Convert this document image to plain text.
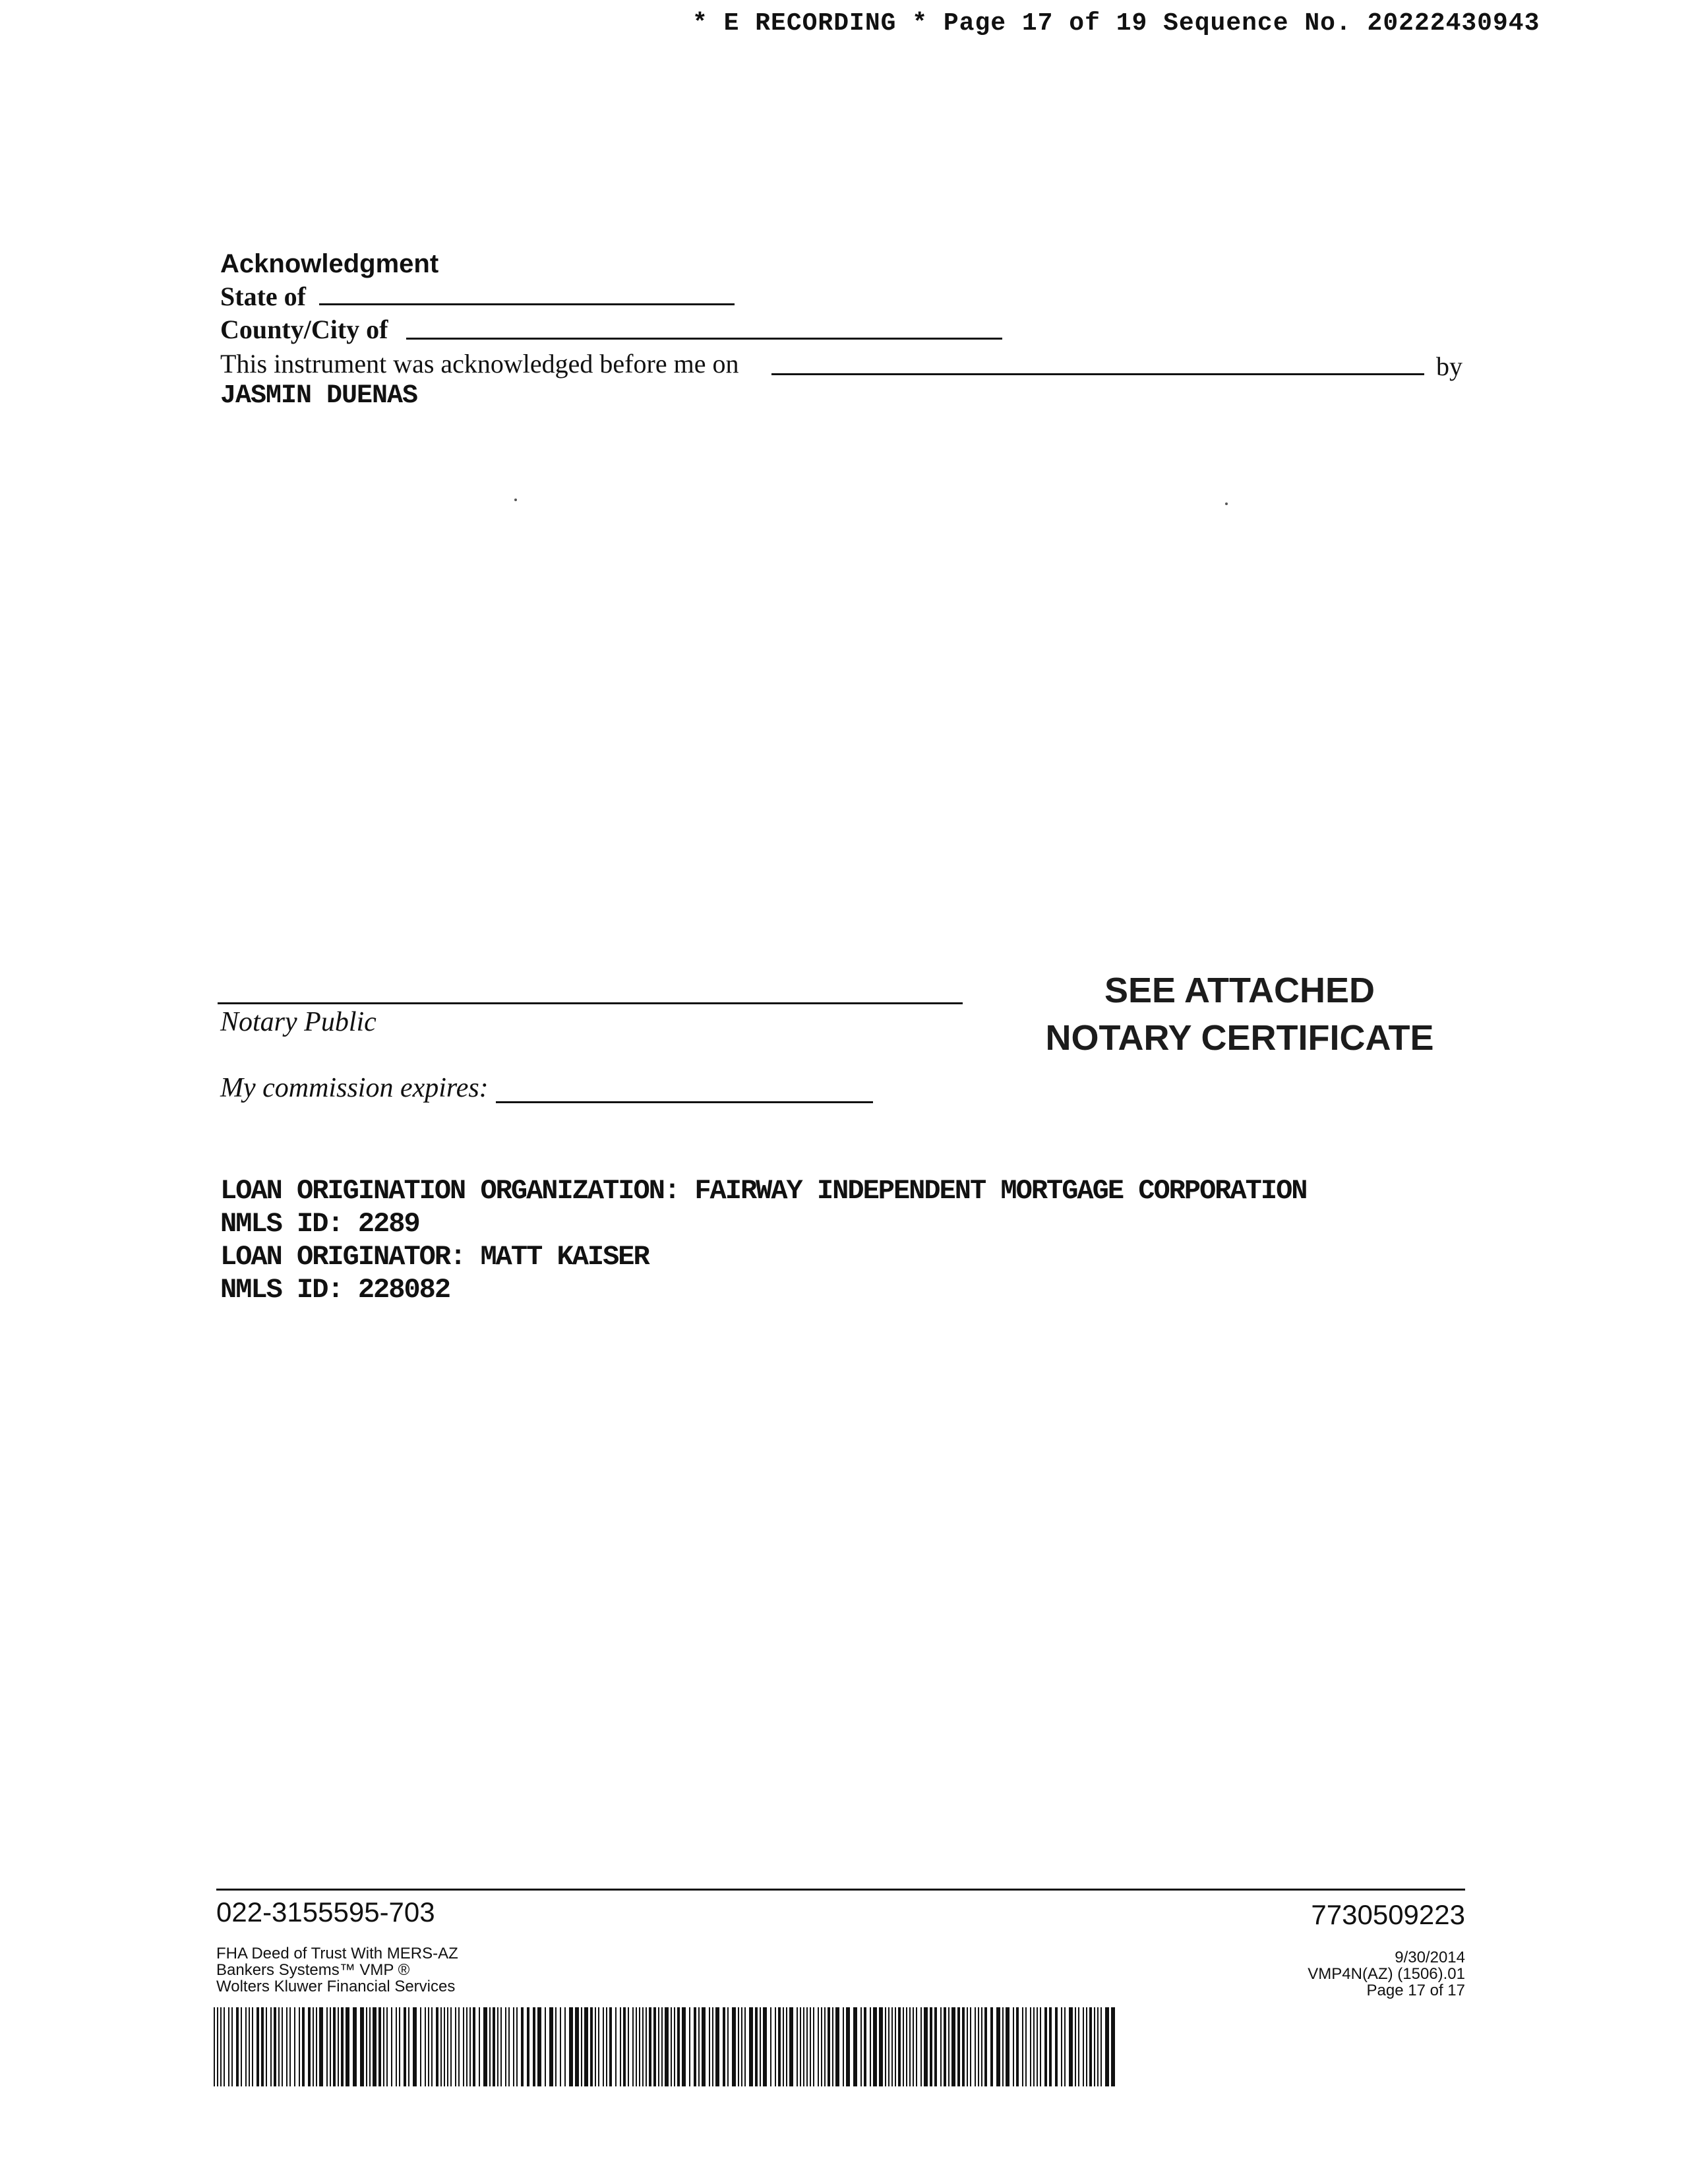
* E RECORDING * Page 17 of 19 Sequence No. 20222430943
Acknowledgment
State of
County/City of
This instrument was acknowledged before me on	by
JASMIN DUENAS
SEE ATTACHED
NOTARY CERTIFICATE
Notary Public
My commission expires:
LOAN ORIGINATION ORGANIZATION: FAIRWAY INDEPENDENT MORTGAGE CORPORATION
NMLS ID: 2289
LOAN ORIGINATOR: MATT KAISER
NMLS ID: 228082
022-3155595-703	7730509223
FHA Deed of Trust With MERS-AZ
Bankers Systems™ VMP ®
Wolters Kluwer Financial Services
9/30/2014
VMP4N(AZ) (1506).01
Page 17 of 17
